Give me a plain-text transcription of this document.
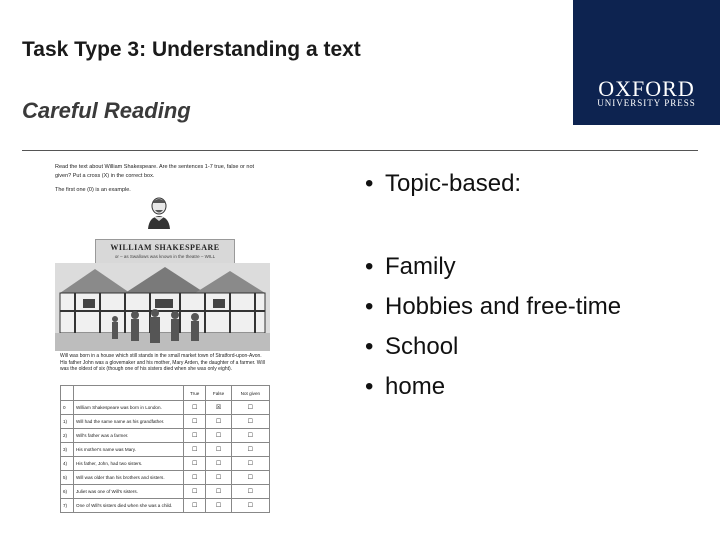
Task Type 3: Understanding a text
Careful Reading
OXFORD
UNIVERSITY PRESS
Read the text about William Shakespeare. Are the sentences 1-7 true, false or not given? Put a cross (X) in the correct box.
The first one (0) is an example.
WILLIAM SHAKESPEARE
or – as Swallows was known in the theatre – WILL
Will was born in a house which still stands in the small market town of Stratford-upon-Avon. His father John was a glovemaker and his mother, Mary Arden, the daughter of a farmer. Will was the oldest of six (though one of his sisters died when she was only eight).
		True	False	Not given
0	William Shakespeare was born in London.	☐	☒	☐
1)	Will had the same name as his grandfather.	☐	☐	☐
2)	Will's father was a farmer.	☐	☐	☐
3)	His mother's name was Mary.	☐	☐	☐
4)	His father, John, had two sisters.	☐	☐	☐
5)	Will was older than his brothers and sisters.	☐	☐	☐
6)	Juliet was one of Will's sisters.	☐	☐	☐
7)	One of Will's sisters died when she was a child.	☐	☐	☐
• Topic-based:
• Family
• Hobbies and free-time
• School
• home
